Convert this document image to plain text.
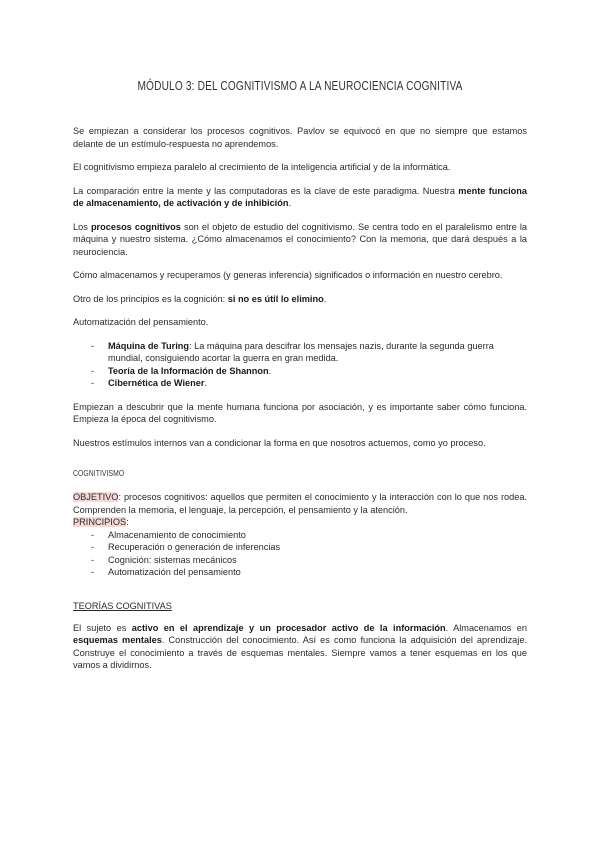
MÓDULO 3: DEL COGNITIVISMO A LA NEUROCIENCIA COGNITIVA

Se empiezan a considerar los procesos cognitivos. Pavlov se equivocó en que no siempre que estamos delante de un estímulo-respuesta no aprendemos.

El cognitivismo empieza paralelo al crecimiento de la inteligencia artificial y de la informática.

La comparación entre la mente y las computadoras es la clave de este paradigma. Nuestra mente funciona de almacenamiento, de activación y de inhibición.

Los procesos cognitivos son el objeto de estudio del cognitivismo. Se centra todo en el paralelismo entre la máquina y nuestro sistema. ¿Cómo almacenamos el conocimiento? Con la memoria, que dará después a la neurociencia.

Cómo almacenamos y recuperamos (y generas inferencia) significados o información en nuestro cerebro.

Otro de los principios es la cognición: si no es útil lo elimino.

Automatización del pensamiento.

- Máquina de Turing: La máquina para descifrar los mensajes nazis, durante la segunda guerra mundial, consiguiendo acortar la guerra en gran medida.
- Teoría de la Información de Shannon.
- Cibernética de Wiener.

Empiezan a descubrir que la mente humana funciona por asociación, y es importante saber cómo funciona. Empieza la época del cognitivismo.

Nuestros estímulos internos van a condicionar la forma en que nosotros actuemos, como yo proceso.

COGNITIVISMO

OBJETIVO: procesos cognitivos: aquellos que permiten el conocimiento y la interacción con lo que nos rodea. Comprenden la memoria, el lenguaje, la percepción, el pensamiento y la atención.

PRINCIPIOS:

- Almacenamiento de conocimiento
- Recuperación o generación de inferencias
- Cognición: sistemas mecánicos
- Automatización del pensamiento
TEORÍAS COGNITIVAS

El sujeto es activo en el aprendizaje y un procesador activo de la información. Almacenamos en esquemas mentales. Construcción del conocimiento. Así es como funciona la adquisición del aprendizaje. Construye el conocimiento a través de esquemas mentales. Siempre vamos a tener esquemas en los que vamos a dividirnos.
